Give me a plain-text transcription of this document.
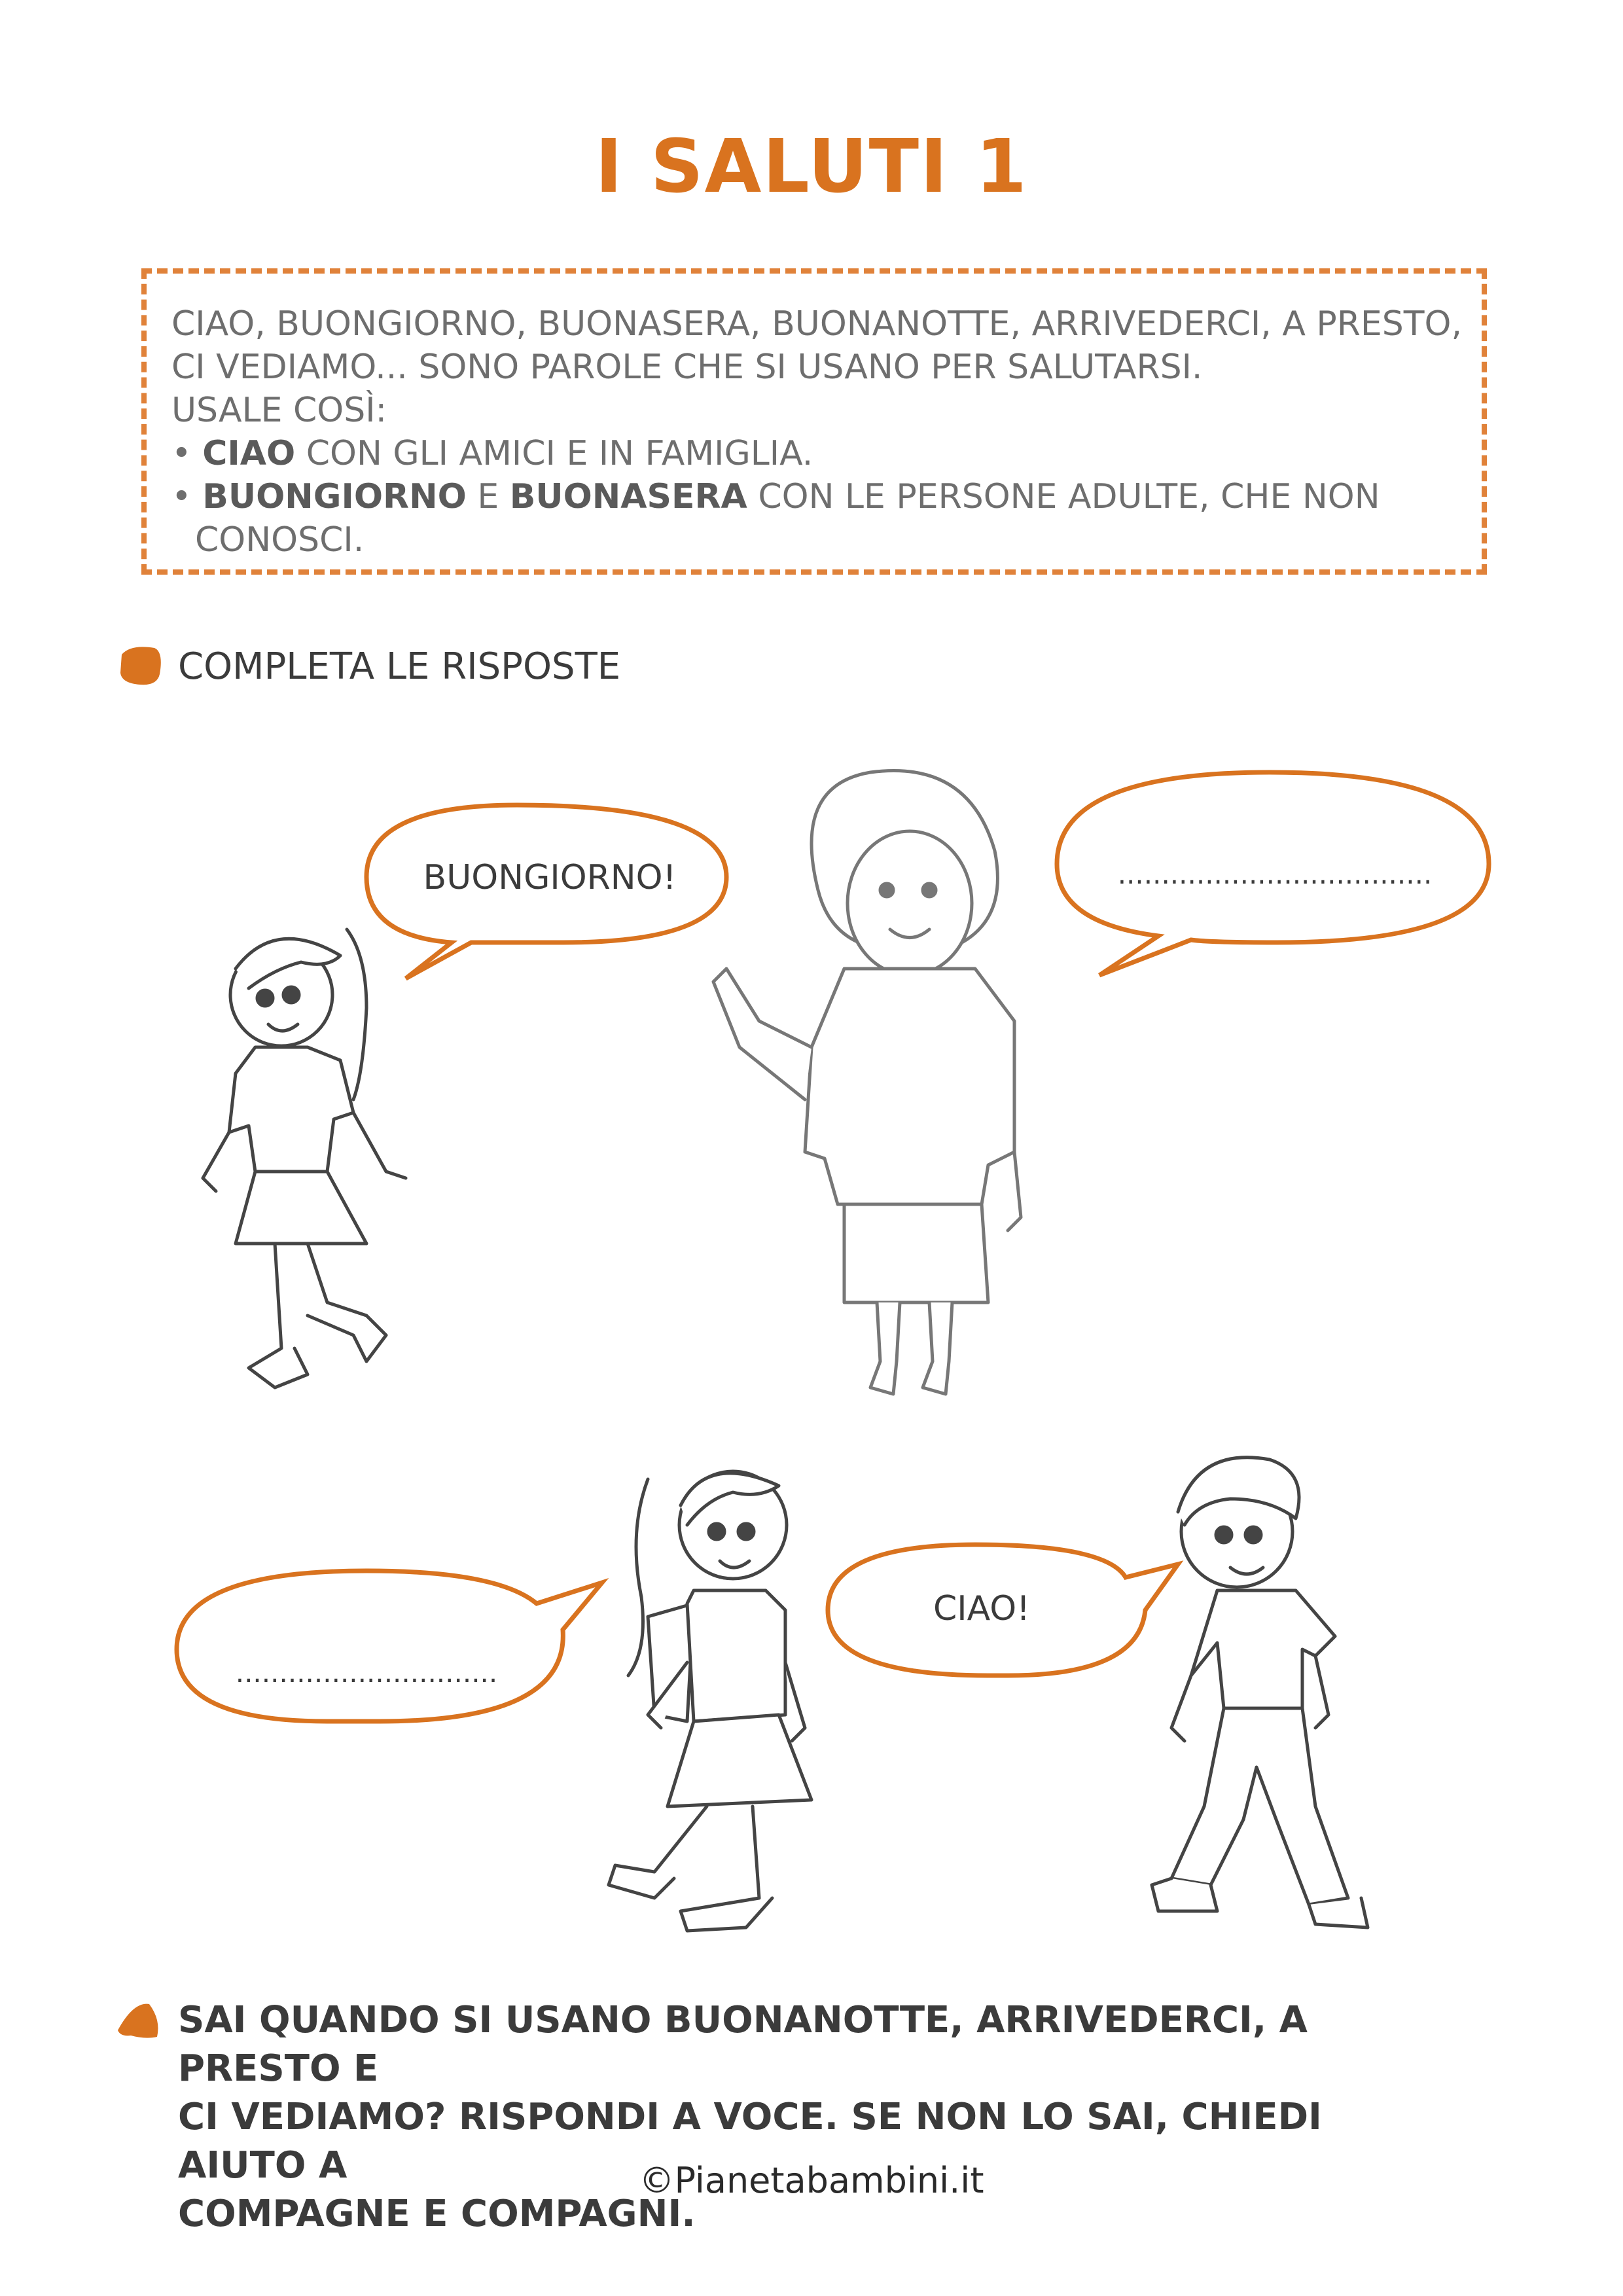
I SALUTI 1
CIAO, BUONGIORNO, BUONASERA, BUONANOTTE, ARRIVEDERCI, A PRESTO,
CI VEDIAMO... SONO PAROLE CHE SI USANO PER SALUTARSI.
USALE COSÌ:
• CIAO CON GLI AMICI E IN FAMIGLIA.
• BUONGIORNO E BUONASERA CON LE PERSONE ADULTE, CHE NON
CONOSCI.
BUONGIORNO!	....................................
..............................
CIAO!
COMPLETA LE RISPOSTE
SAI QUANDO SI USANO BUONANOTTE, ARRIVEDERCI, A PRESTO E
CI VEDIAMO? RISPONDI A VOCE. SE NON LO SAI, CHIEDI AIUTO A
COMPAGNE E COMPAGNI.
©Pianetabambini.it
